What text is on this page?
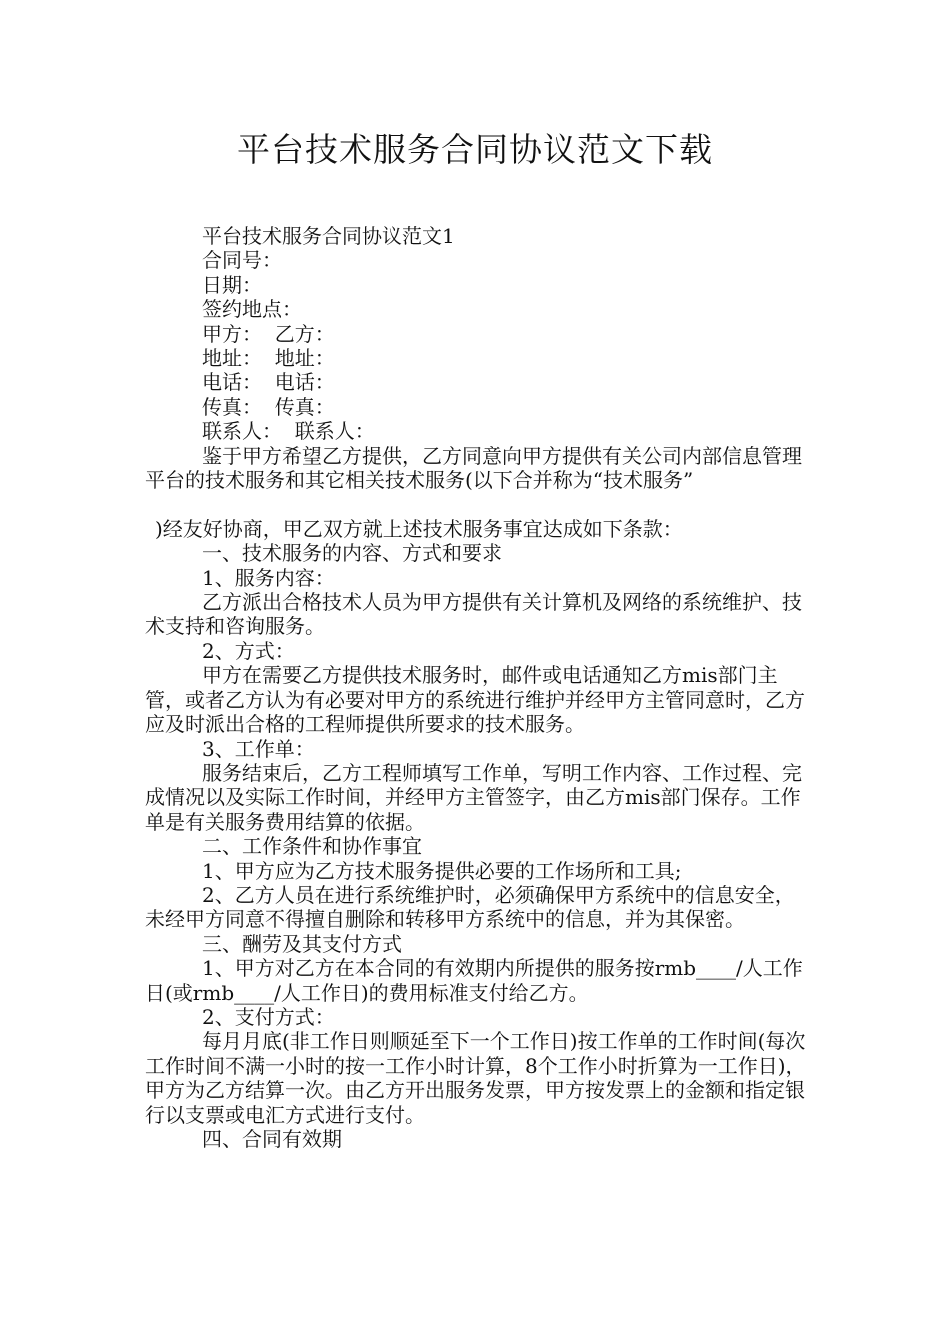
平台技术服务合同协议范文下载

平台技术服务合同协议范文1

合同号：

日期：

签约地点：

甲方：  乙方：

地址：  地址：

电话：  电话：

传真：  传真：

联系人：  联系人：

鉴于甲方希望乙方提供，乙方同意向甲方提供有关公司内部信息管理平台的技术服务和其它相关技术服务(以下合并称为“技术服务”

)经友好协商，甲乙双方就上述技术服务事宜达成如下条款：

一、技术服务的内容、方式和要求

1、服务内容：

乙方派出合格技术人员为甲方提供有关计算机及网络的系统维护、技术支持和咨询服务。

2、方式：

甲方在需要乙方提供技术服务时，邮件或电话通知乙方mis部门主管，或者乙方认为有必要对甲方的系统进行维护并经甲方主管同意时，乙方应及时派出合格的工程师提供所要求的技术服务。

3、工作单：

服务结束后，乙方工程师填写工作单，写明工作内容、工作过程、完成情况以及实际工作时间，并经甲方主管签字，由乙方mis部门保存。工作单是有关服务费用结算的依据。

二、工作条件和协作事宜

1、甲方应为乙方技术服务提供必要的工作场所和工具;

2、乙方人员在进行系统维护时，必须确保甲方系统中的信息安全，未经甲方同意不得擅自删除和转移甲方系统中的信息，并为其保密。

三、酬劳及其支付方式

1、甲方对乙方在本合同的有效期内所提供的服务按rmb____/人工作日(或rmb____/人工作日)的费用标准支付给乙方。

2、支付方式：

每月月底(非工作日则顺延至下一个工作日)按工作单的工作时间(每次工作时间不满一小时的按一工作小时计算，8个工作小时折算为一工作日)，甲方为乙方结算一次。由乙方开出服务发票，甲方按发票上的金额和指定银行以支票或电汇方式进行支付。

四、合同有效期
